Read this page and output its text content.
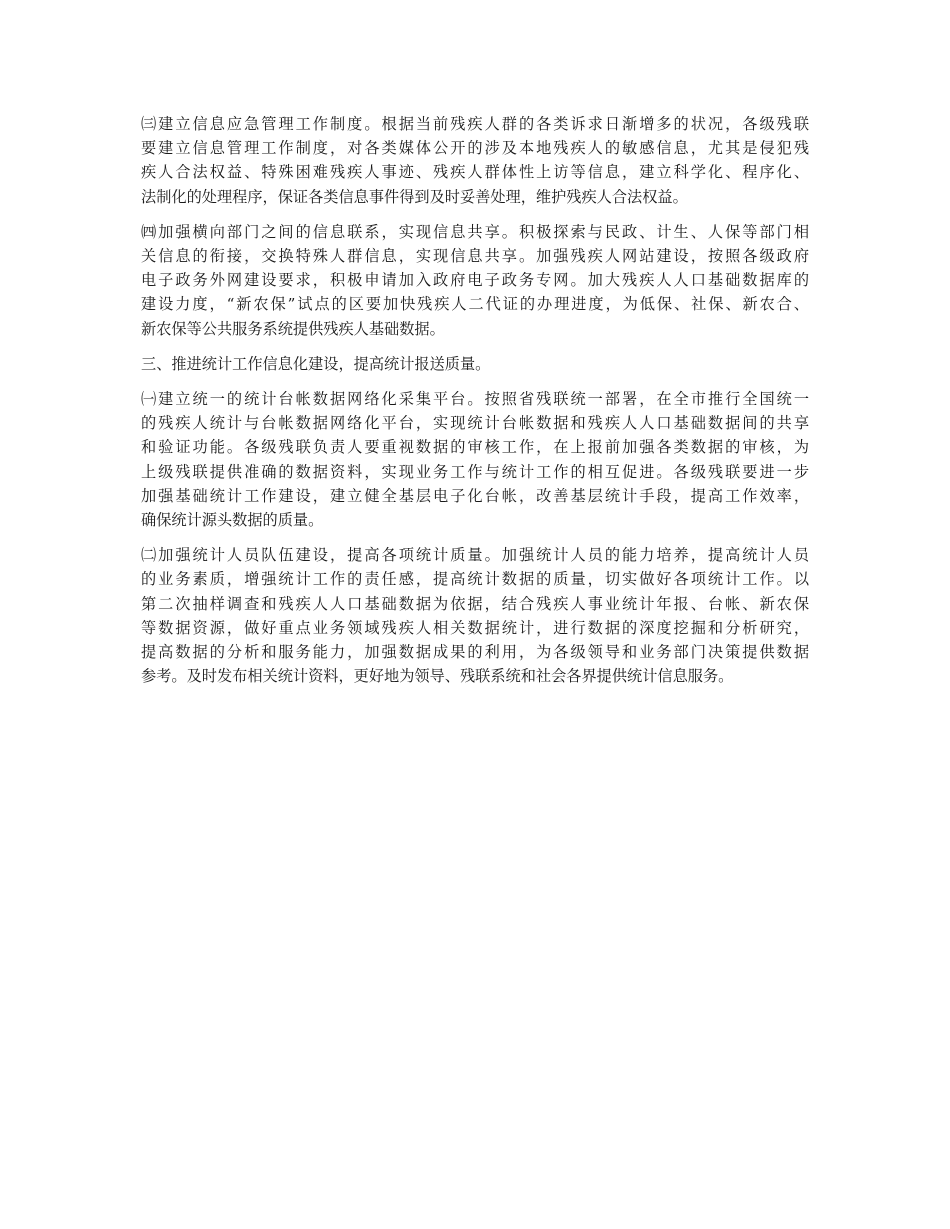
㈢建立信息应急管理工作制度。根据当前残疾人群的各类诉求日渐增多的状况，各级残联
要建立信息管理工作制度，对各类媒体公开的涉及本地残疾人的敏感信息，尤其是侵犯残
疾人合法权益、特殊困难残疾人事迹、残疾人群体性上访等信息，建立科学化、程序化、
法制化的处理程序，保证各类信息事件得到及时妥善处理，维护残疾人合法权益。

㈣加强横向部门之间的信息联系，实现信息共享。积极探索与民政、计生、人保等部门相
关信息的衔接，交换特殊人群信息，实现信息共享。加强残疾人网站建设，按照各级政府
电子政务外网建设要求，积极申请加入政府电子政务专网。加大残疾人人口基础数据库的
建设力度，“新农保”试点的区要加快残疾人二代证的办理进度，为低保、社保、新农合、
新农保等公共服务系统提供残疾人基础数据。

三、推进统计工作信息化建设，提高统计报送质量。

㈠建立统一的统计台帐数据网络化采集平台。按照省残联统一部署，在全市推行全国统一
的残疾人统计与台帐数据网络化平台，实现统计台帐数据和残疾人人口基础数据间的共享
和验证功能。各级残联负责人要重视数据的审核工作，在上报前加强各类数据的审核，为
上级残联提供准确的数据资料，实现业务工作与统计工作的相互促进。各级残联要进一步
加强基础统计工作建设，建立健全基层电子化台帐，改善基层统计手段，提高工作效率，
确保统计源头数据的质量。

㈡加强统计人员队伍建设，提高各项统计质量。加强统计人员的能力培养，提高统计人员
的业务素质，增强统计工作的责任感，提高统计数据的质量，切实做好各项统计工作。以
第二次抽样调查和残疾人人口基础数据为依据，结合残疾人事业统计年报、台帐、新农保
等数据资源，做好重点业务领域残疾人相关数据统计，进行数据的深度挖掘和分析研究，
提高数据的分析和服务能力，加强数据成果的利用，为各级领导和业务部门决策提供数据
参考。及时发布相关统计资料，更好地为领导、残联系统和社会各界提供统计信息服务。
